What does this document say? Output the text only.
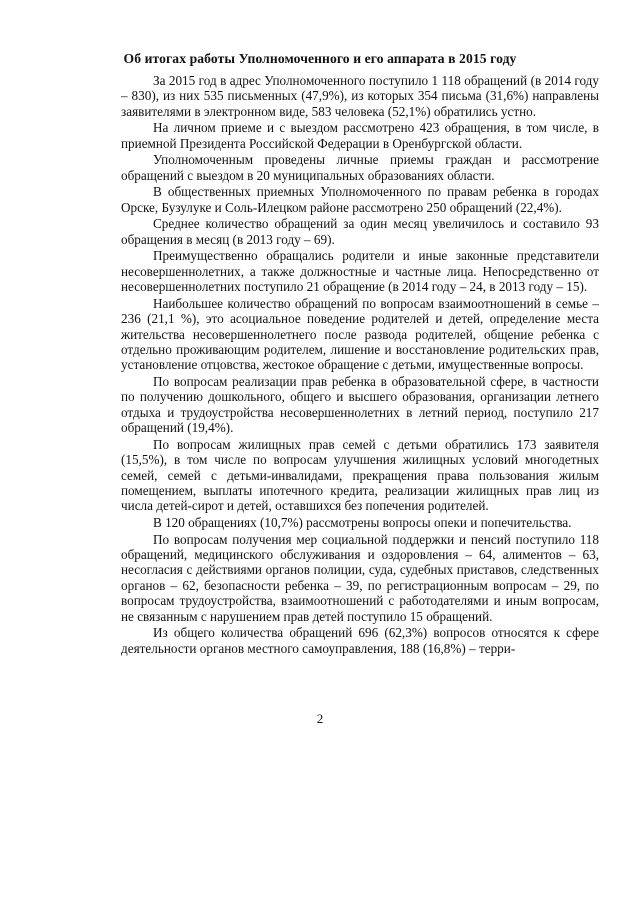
Об итогах работы Уполномоченного и его аппарата в 2015 году

За 2015 год в адрес Уполномоченного поступило 1 118 обращений (в 2014 году – 830), из них 535 письменных (47,9%), из которых 354 письма (31,6%) направлены заявителями в электронном виде, 583 человека (52,1%) обратились устно.

На личном приеме и с выездом рассмотрено 423 обращения, в том числе, в приемной Президента Российской Федерации в Оренбургской области.

Уполномоченным проведены личные приемы граждан и рассмотрение обращений с выездом в 20 муниципальных образованиях области.

В общественных приемных Уполномоченного по правам ребенка в городах Орске, Бузулуке и Соль-Илецком районе рассмотрено 250 обращений (22,4%).

Среднее количество обращений за один месяц увеличилось и составило 93 обращения в месяц (в 2013 году – 69).

Преимущественно обращались родители и иные законные представители несовершеннолетних, а также должностные и частные лица. Непосредственно от несовершеннолетних поступило 21 обращение (в 2014 году – 24, в 2013 году – 15).

Наибольшее количество обращений по вопросам взаимоотношений в семье – 236 (21,1 %), это асоциальное поведение родителей и детей, определение места жительства несовершеннолетнего после развода родителей, общение ребенка с отдельно проживающим родителем, лишение и восстановление родительских прав, установление отцовства, жестокое обращение с детьми, имущественные вопросы.

По вопросам реализации прав ребенка в образовательной сфере, в частности по получению дошкольного, общего и высшего образования, организации летнего отдыха и трудоустройства несовершеннолетних в летний период, поступило 217 обращений (19,4%).

По вопросам жилищных прав семей с детьми обратились 173 заявителя (15,5%), в том числе по вопросам улучшения жилищных условий многодетных семей, семей с детьми-инвалидами, прекращения права пользования жилым помещением, выплаты ипотечного кредита, реализации жилищных прав лиц из числа детей-сирот и детей, оставшихся без попечения родителей.

В 120 обращениях (10,7%) рассмотрены вопросы опеки и попечительства.

По вопросам получения мер социальной поддержки и пенсий поступило 118 обращений, медицинского обслуживания и оздоровления – 64, алиментов – 63, несогласия с действиями органов полиции, суда, судебных приставов, следственных органов – 62, безопасности ребенка – 39, по регистрационным вопросам – 29, по вопросам трудоустройства, взаимоотношений с работодателями и иным вопросам, не связанным с нарушением прав детей поступило 15 обращений.

Из общего количества обращений 696 (62,3%) вопросов относятся к сфере деятельности органов местного самоуправления, 188 (16,8%) – терри-

2
